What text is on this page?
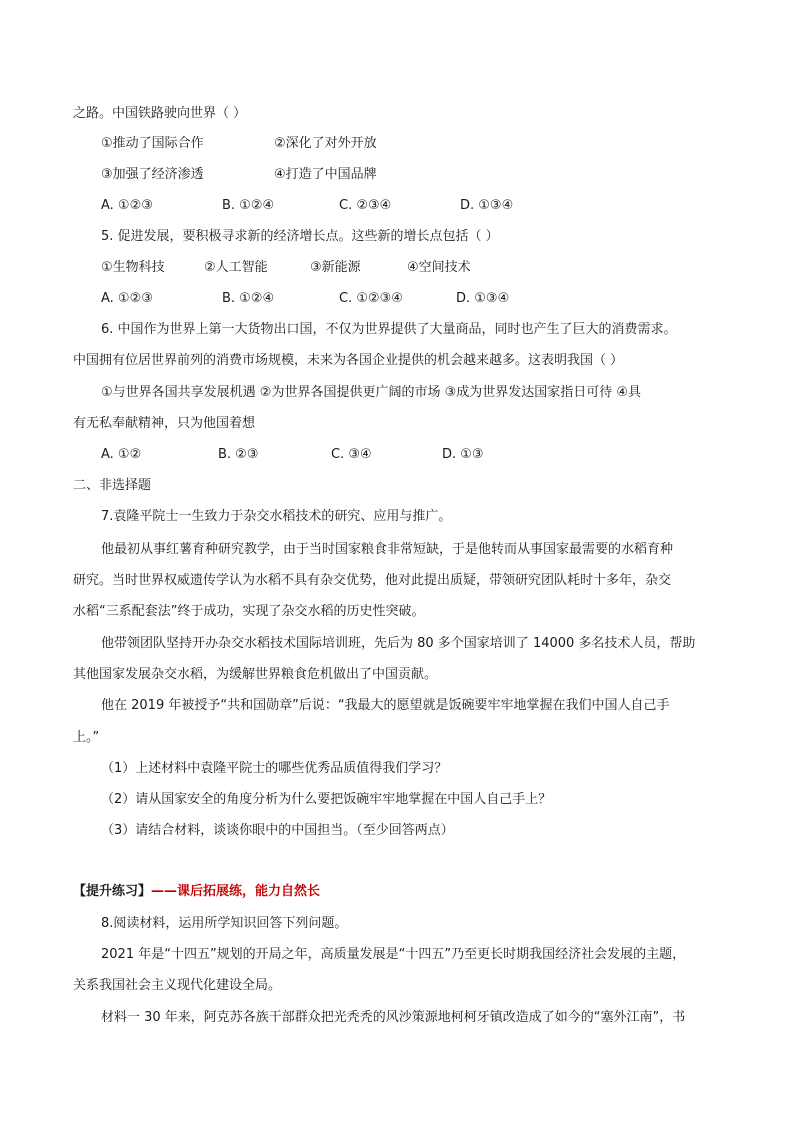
之路。中国铁路驶向世界（ ）
①推动了国际合作	②深化了对外开放
③加强了经济渗透	④打造了中国品牌
A. ①②③	B. ①②④	C. ②③④	D. ①③④
5. 促进发展，要积极寻求新的经济增长点。这些新的增长点包括（ ）
①生物科技	②人工智能	③新能源	④空间技术
A. ①②③	B. ①②④	C. ①②③④	D. ①③④
6. 中国作为世界上第一大货物出口国，不仅为世界提供了大量商品，同时也产生了巨大的消费需求。
中国拥有位居世界前列的消费市场规模，未来为各国企业提供的机会越来越多。这表明我国（ ）
①与世界各国共享发展机遇 ②为世界各国提供更广阔的市场 ③成为世界发达国家指日可待 ④具
有无私奉献精神，只为他国着想
A. ①②	B. ②③	C. ③④	D. ①③
二、非选择题
7.袁隆平院士一生致力于杂交水稻技术的研究、应用与推广。
他最初从事红薯育种研究教学，由于当时国家粮食非常短缺，于是他转而从事国家最需要的水稻育种
研究。当时世界权威遗传学认为水稻不具有杂交优势，他对此提出质疑，带领研究团队耗时十多年，杂交
水稻“三系配套法”终于成功，实现了杂交水稻的历史性突破。
他带领团队坚持开办杂交水稻技术国际培训班，先后为 80 多个国家培训了 14000 多名技术人员，帮助
其他国家发展杂交水稻，为缓解世界粮食危机做出了中国贡献。
他在 2019 年被授予“共和国勋章”后说：“我最大的愿望就是饭碗要牢牢地掌握在我们中国人自己手
上。”
（1）上述材料中袁隆平院士的哪些优秀品质值得我们学习？
（2）请从国家安全的角度分析为什么要把饭碗牢牢地掌握在中国人自己手上？
（3）请结合材料，谈谈你眼中的中国担当。（至少回答两点）
【提升练习】——课后拓展练，能力自然长
8.阅读材料，运用所学知识回答下列问题。
2021 年是“十四五”规划的开局之年，高质量发展是“十四五”乃至更长时期我国经济社会发展的主题，
关系我国社会主义现代化建设全局。
材料一 30 年来，阿克苏各族干部群众把光秃秃的风沙策源地柯柯牙镇改造成了如今的“塞外江南”，书
